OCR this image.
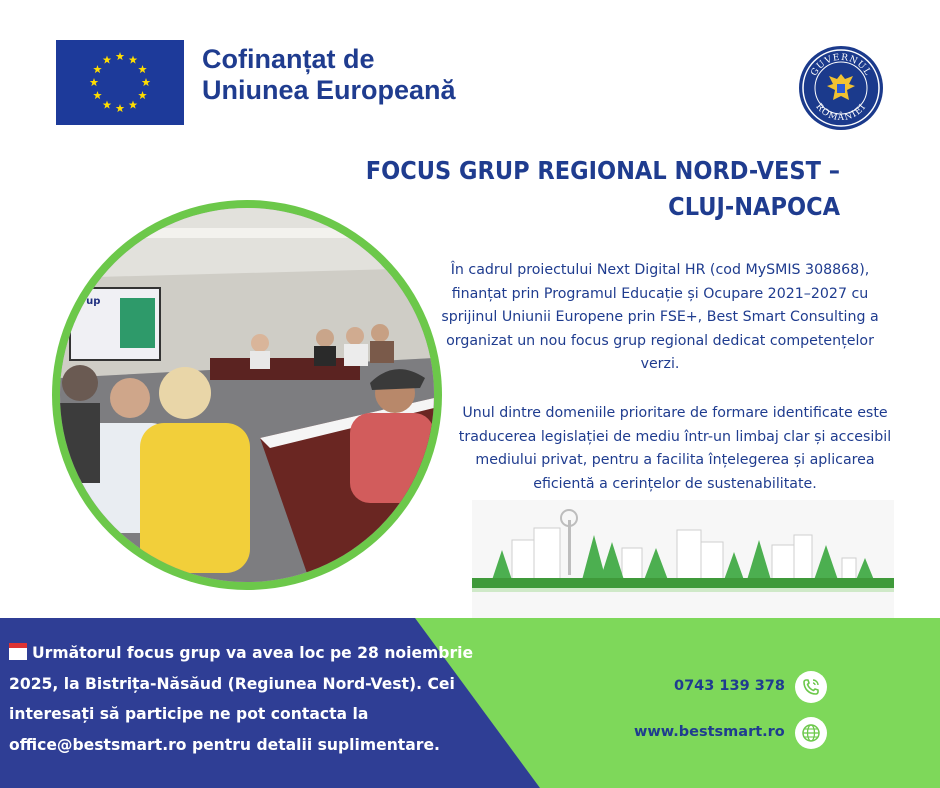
Cofinanțat de
Uniunea Europeană
GUVERNUL
ROMÂNIEI
FOCUS GRUP REGIONAL NORD-VEST –
CLUJ-NAPOCA
În cadrul proiectului Next Digital HR (cod MySMIS 308868), finanțat prin Programul Educație și Ocupare 2021–2027 cu sprijinul Uniunii Europene prin FSE+, Best Smart Consulting a organizat un nou focus grup regional dedicat competențelor verzi.
Unul dintre domeniile prioritare de formare identificate este traducerea legislației de mediu într-un limbaj clar și accesibil mediului privat, pentru a facilita înțelegerea și aplicarea eficientă a cerințelor de sustenabilitate.
grup
Următorul focus grup va avea loc pe 28 noiembrie 2025, la Bistrița-Năsăud (Regiunea Nord-Vest). Cei interesați să participe ne pot contacta la office@bestsmart.ro pentru detalii suplimentare.
0743 139 378
www.bestsmart.ro
